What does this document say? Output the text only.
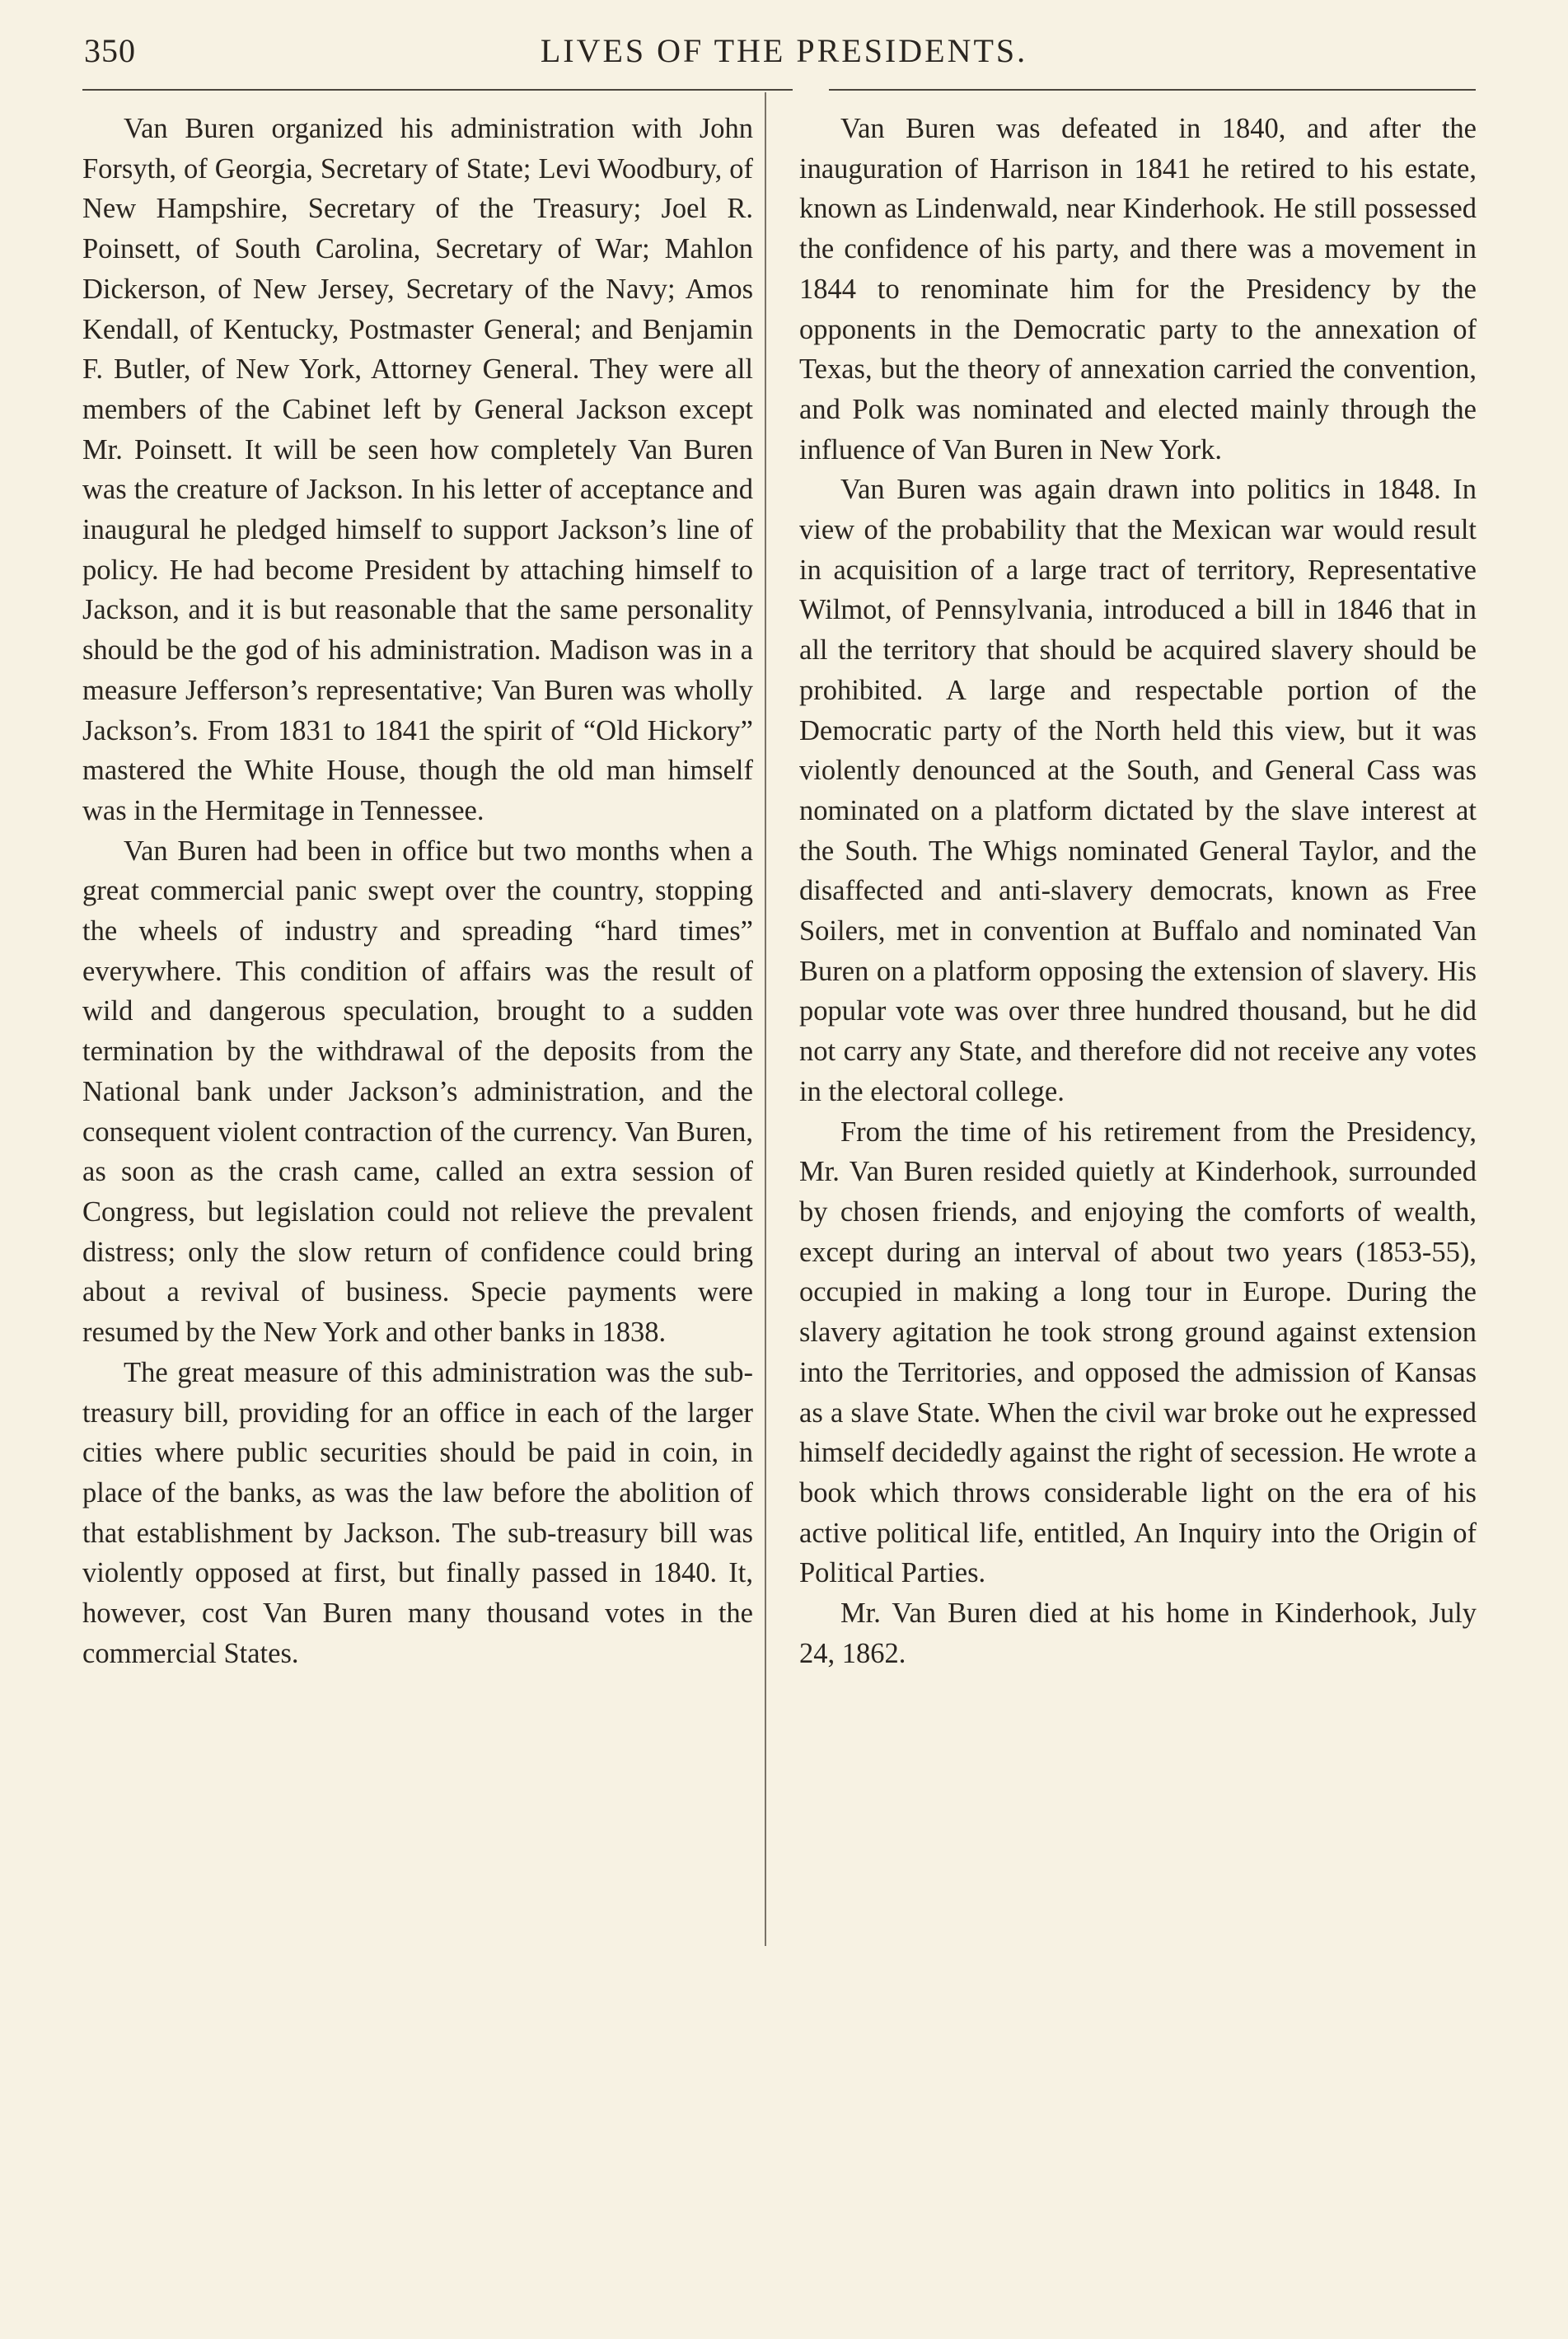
350	LIVES OF THE PRESIDENTS.

Van Buren organized his administration with John Forsyth, of Georgia, Secretary of State; Levi Woodbury, of New Hampshire, Secretary of the Treasury; Joel R. Poinsett, of South Carolina, Secretary of War; Mahlon Dickerson, of New Jersey, Secretary of the Navy; Amos Kendall, of Kentucky, Postmaster General; and Benjamin F. Butler, of New York, Attorney General. They were all members of the Cabinet left by General Jackson except Mr. Poinsett. It will be seen how completely Van Buren was the creature of Jackson. In his letter of acceptance and inaugural he pledged himself to support Jackson’s line of policy. He had become President by attaching himself to Jackson, and it is but reasonable that the same personality should be the god of his administration. Madison was in a measure Jefferson’s representative; Van Buren was wholly Jackson’s. From 1831 to 1841 the spirit of “Old Hickory” mastered the White House, though the old man himself was in the Hermitage in Tennessee.

Van Buren had been in office but two months when a great commercial panic swept over the country, stopping the wheels of industry and spreading “hard times” everywhere. This condition of affairs was the result of wild and dangerous speculation, brought to a sudden termination by the withdrawal of the deposits from the National bank under Jackson’s administration, and the consequent violent contraction of the currency. Van Buren, as soon as the crash came, called an extra session of Congress, but legislation could not relieve the prevalent distress; only the slow return of confidence could bring about a revival of business. Specie payments were resumed by the New York and other banks in 1838.

The great measure of this administration was the sub-treasury bill, providing for an office in each of the larger cities where public securities should be paid in coin, in place of the banks, as was the law before the abolition of that establishment by Jackson. The sub-treasury bill was violently opposed at first, but finally passed in 1840. It, however, cost Van Buren many thousand votes in the commercial States.

Van Buren was defeated in 1840, and after the inauguration of Harrison in 1841 he retired to his estate, known as Lindenwald, near Kinderhook. He still possessed the confidence of his party, and there was a movement in 1844 to renominate him for the Presidency by the opponents in the Democratic party to the annexation of Texas, but the theory of annexation carried the convention, and Polk was nominated and elected mainly through the influence of Van Buren in New York.

Van Buren was again drawn into politics in 1848. In view of the probability that the Mexican war would result in acquisition of a large tract of territory, Representative Wilmot, of Pennsylvania, introduced a bill in 1846 that in all the territory that should be acquired slavery should be prohibited. A large and respectable portion of the Democratic party of the North held this view, but it was violently denounced at the South, and General Cass was nominated on a platform dictated by the slave interest at the South. The Whigs nominated General Taylor, and the disaffected and anti-slavery democrats, known as Free Soilers, met in convention at Buffalo and nominated Van Buren on a platform opposing the extension of slavery. His popular vote was over three hundred thousand, but he did not carry any State, and therefore did not receive any votes in the electoral college.

From the time of his retirement from the Presidency, Mr. Van Buren resided quietly at Kinderhook, surrounded by chosen friends, and enjoying the comforts of wealth, except during an interval of about two years (1853-55), occupied in making a long tour in Europe. During the slavery agitation he took strong ground against extension into the Territories, and opposed the admission of Kansas as a slave State. When the civil war broke out he expressed himself decidedly against the right of secession. He wrote a book which throws considerable light on the era of his active political life, entitled, An Inquiry into the Origin of Political Parties.

Mr. Van Buren died at his home in Kinderhook, July 24, 1862.
